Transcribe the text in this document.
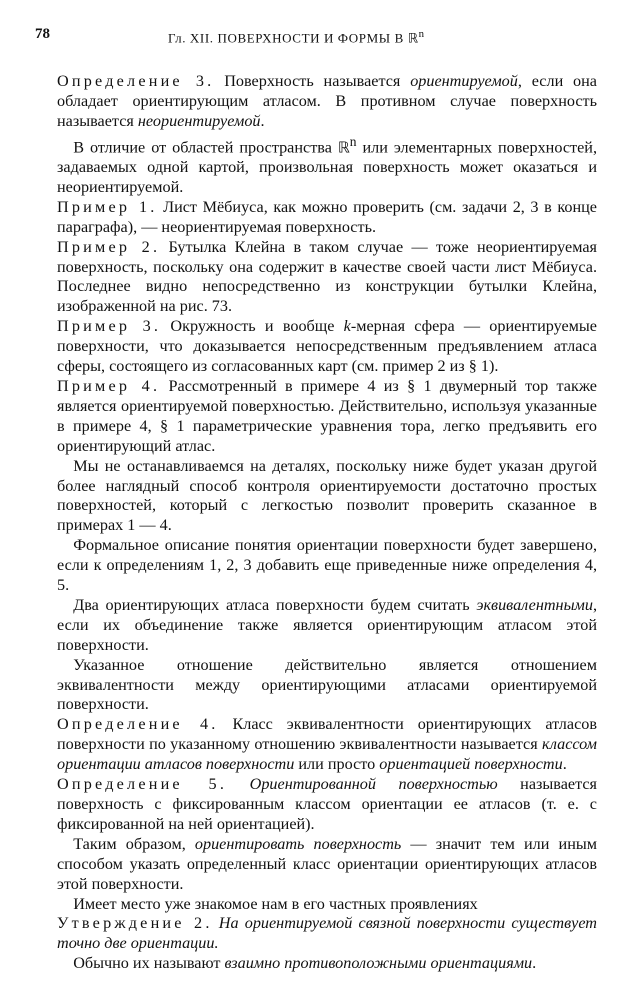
78	Гл. XII. ПОВЕРХНОСТИ И ФОРМЫ В ℝ$^n$

Определение 3. Поверхность называется ориентируемой, если она обладает ориентирующим атласом. В противном случае поверхность называется неориентируемой.

 В отличие от областей пространства ℝ$^n$ или элементарных поверхностей, задаваемых одной картой, произвольная поверхность может оказаться и неориентируемой.

Пример 1. Лист Мёбиуса, как можно проверить (см. задачи 2, 3 в конце параграфа), — неориентируемая поверхность.

Пример 2. Бутылка Клейна в таком случае — тоже неориентируемая поверхность, поскольку она содержит в качестве своей части лист Мёбиуса. Последнее видно непосредственно из конструкции бутылки Клейна, изображенной на рис. 73.

Пример 3. Окружность и вообще k-мерная сфера — ориентируемые поверхности, что доказывается непосредственным предъявлением атласа сферы, состоящего из согласованных карт (см. пример 2 из § 1).

Пример 4. Рассмотренный в примере 4 из § 1 двумерный тор также является ориентируемой поверхностью. Действительно, используя указанные в примере 4, § 1 параметрические уравнения тора, легко предъявить его ориентирующий атлас.

 Мы не останавливаемся на деталях, поскольку ниже будет указан другой более наглядный способ контроля ориентируемости достаточно простых поверхностей, который с легкостью позволит проверить сказанное в примерах 1 — 4.

 Формальное описание понятия ориентации поверхности будет завершено, если к определениям 1, 2, 3 добавить еще приведенные ниже определения 4, 5.

 Два ориентирующих атласа поверхности будем считать эквивалентными, если их объединение также является ориентирующим атласом этой поверхности.

 Указанное отношение действительно является отношением эквивалентности между ориентирующими атласами ориентируемой поверхности.

Определение 4. Класс эквивалентности ориентирующих атласов поверхности по указанному отношению эквивалентности называется классом ориентации атласов поверхности или просто ориентацией поверхности.

Определение 5. Ориентированной поверхностью называется поверхность с фиксированным классом ориентации ее атласов (т. е. с фиксированной на ней ориентацией).

 Таким образом, ориентировать поверхность — значит тем или иным способом указать определенный класс ориентации ориентирующих атласов этой поверхности.

 Имеет место уже знакомое нам в его частных проявлениях

Утверждение 2. На ориентируемой связной поверхности существует точно две ориентации.

 Обычно их называют взаимно противоположными ориентациями.
